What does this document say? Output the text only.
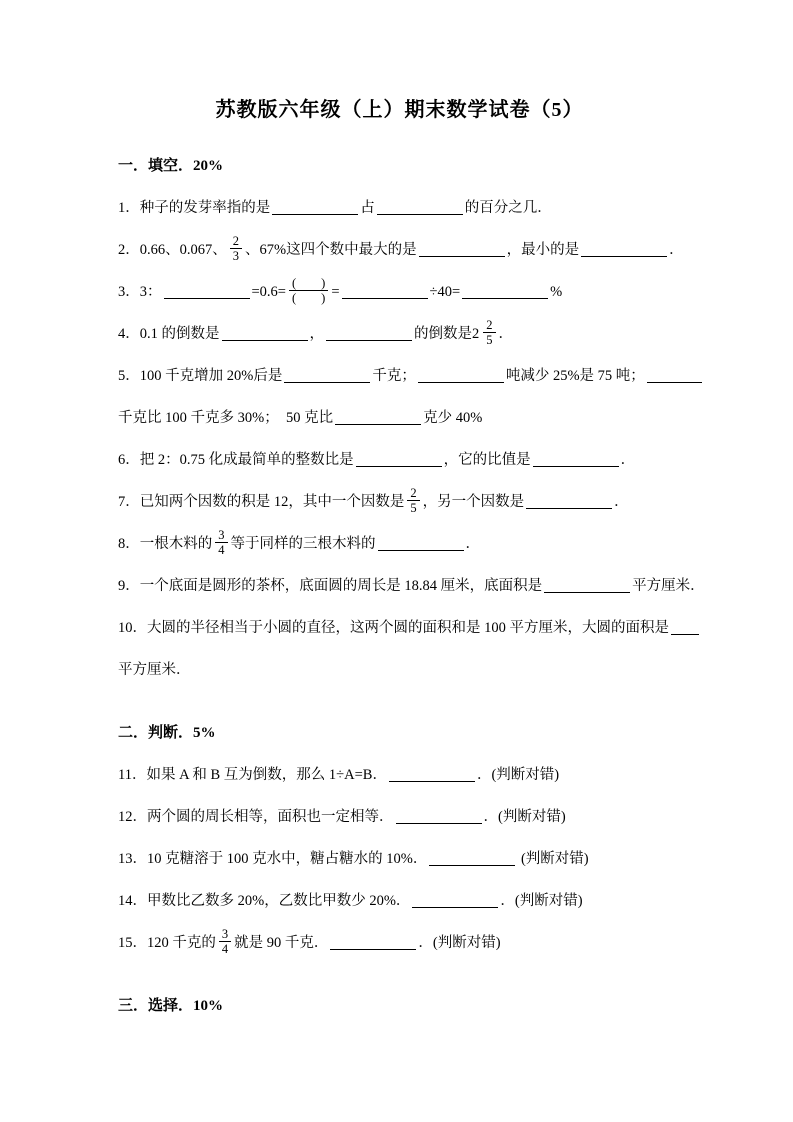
苏教版六年级（上）期末数学试卷（5）
一．填空．20%
1．种子的发芽率指的是	占	的百分之几．
2．0.66、0.067、 $\frac{2}{3}$ 、67%这四个数中最大的是	，最小的是	．
3．3：	$=0.6= \frac{( )}{( )}$ =	÷40=	%
4．0.1 的倒数是	，	的倒数是$2 \frac{2}{5}$ ．
5．100 千克增加 20%后是	千克；	吨减少 25%是 75 吨；
千克比 100 千克多 30%；　50 克比	克少 40%
6．把 2：0.75 化成最简单的整数比是	，它的比值是	．
7．已知两个因数的积是 12，其中一个因数是 $\frac{2}{5}$ ，另一个因数是	．
8．一根木料的 $\frac{3}{4}$ 等于同样的三根木料的	．
9．一个底面是圆形的茶杯，底面圆的周长是 18.84 厘米，底面积是	平方厘米．
10．大圆的半径相当于小圆的直径，这两个圆的面积和是 100 平方厘米，大圆的面积是
平方厘米．
二．判断．5%
11．如果 A 和 B 互为倒数，那么 1÷A=B．	．(判断对错)
12．两个圆的周长相等，面积也一定相等．	．(判断对错)
13．10 克糖溶于 100 克水中，糖占糖水的 10%．	(判断对错)
14．甲数比乙数多 20%，乙数比甲数少 20%．	．(判断对错)
15．120 千克的 $\frac{3}{4}$ 就是 90 千克．	．(判断对错)
三．选择．10%
